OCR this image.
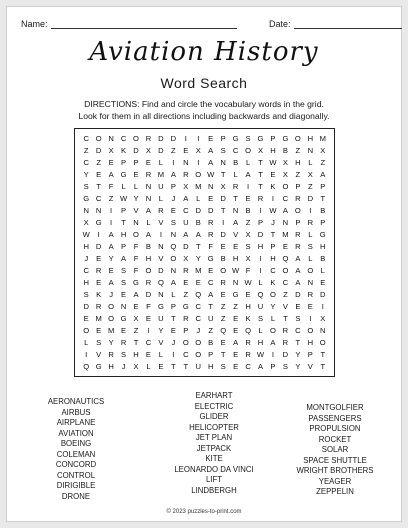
Name:	Date:
Aviation History
Word Search
DIRECTIONS: Find and circle the vocabulary words in the grid.
Look for them in all directions including backwards and diagonally.
C O N C O R D D	I	I	E P G S G P G O H M
Z D X K D X D Z E X A S C O X H B Z N X
C Z E P P E	L	I	N	I	A N B	L	T W X H L	Z
Y E A G E R M A R O W T	L	A T E X Z X A
S T	F	L	L N U P X M N X R	I	T K O P Z P
G C Z W Y N L	J	A	L	E D T E R	I	C R D T
N N	I	P V A R E C D D T N B	I	W A O	I	B
X G	I	T N L	V S U B R	I	A Z P	J	N P R P
W	I	A H O A	I	N A A R D V X D T M R L G
H D A P F B N Q D T	F E E S H P E R S H
J	E Y A F H V O X Y G B H X	I	H Q A	L	B
C R E S F O D N R M E O W F	I	C O A O L
H E A S G R Q A E E C R N W L	K C A N E
S K	J	E A D N L	Z Q A E G E Q O Z D R D
D R O N E F G P G C T	Z	Z H U Y V E E	I
E M O G X E U T R C U Z E K S	L	T S	I	X
O E M E Z	I	Y E P	J	Z Q E Q L O R C O N
L	S Y R T C V	J O O B E A R H A R T H O
I	V R S H E	L	I	C O P T E R W	I	D Y P T
Q G H	J	X	L	E T	T U H S E C A P S Y V T
AERONAUTICS
AIRBUS
AIRPLANE
AVIATION
BOEING
COLEMAN
CONCORD
CONTROL
DIRIGIBLE
DRONE
EARHART
ELECTRIC
GLIDER
HELICOPTER
JET PLAN
JETPACK
KITE
LEONARDO DA VINCI
LIFT
LINDBERGH
MONTGOLFIER
PASSENGERS
PROPULSION
ROCKET
SOLAR
SPACE SHUTTLE
WRIGHT BROTHERS
YEAGER
ZEPPELIN
© 2023 puzzles-to-print.com
